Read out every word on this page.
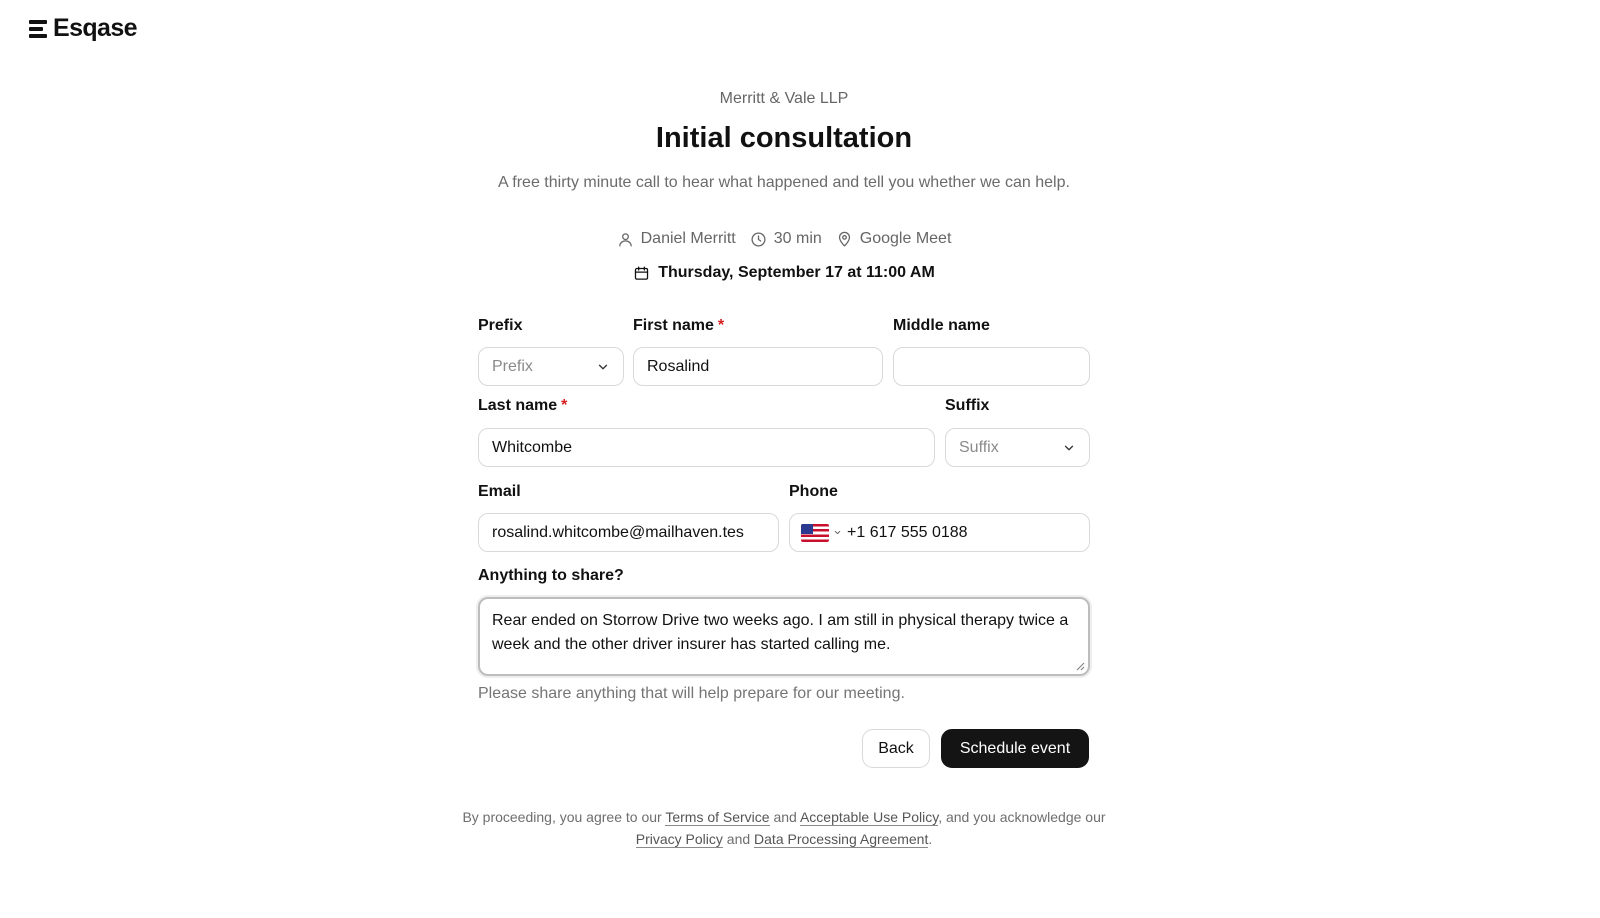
Esqase
Merritt & Vale LLP
Initial consultation
A free thirty minute call to hear what happened and tell you whether we can help.
Daniel Merritt 30 min Google Meet
Thursday, September 17 at 11:00 AM
Prefix
Prefix
First name *
Rosalind
Middle name
Last name *
Whitcombe
Suffix
Suffix
Email
rosalind.whitcombe@mailhaven.tes
Phone
+1 617 555 0188
Anything to share?
Rear ended on Storrow Drive two weeks ago. I am still in physical therapy twice a week and the other driver insurer has started calling me.
Please share anything that will help prepare for our meeting.
Back	Schedule event
By proceeding, you agree to our Terms of Service and Acceptable Use Policy, and you acknowledge our Privacy Policy and Data Processing Agreement.
